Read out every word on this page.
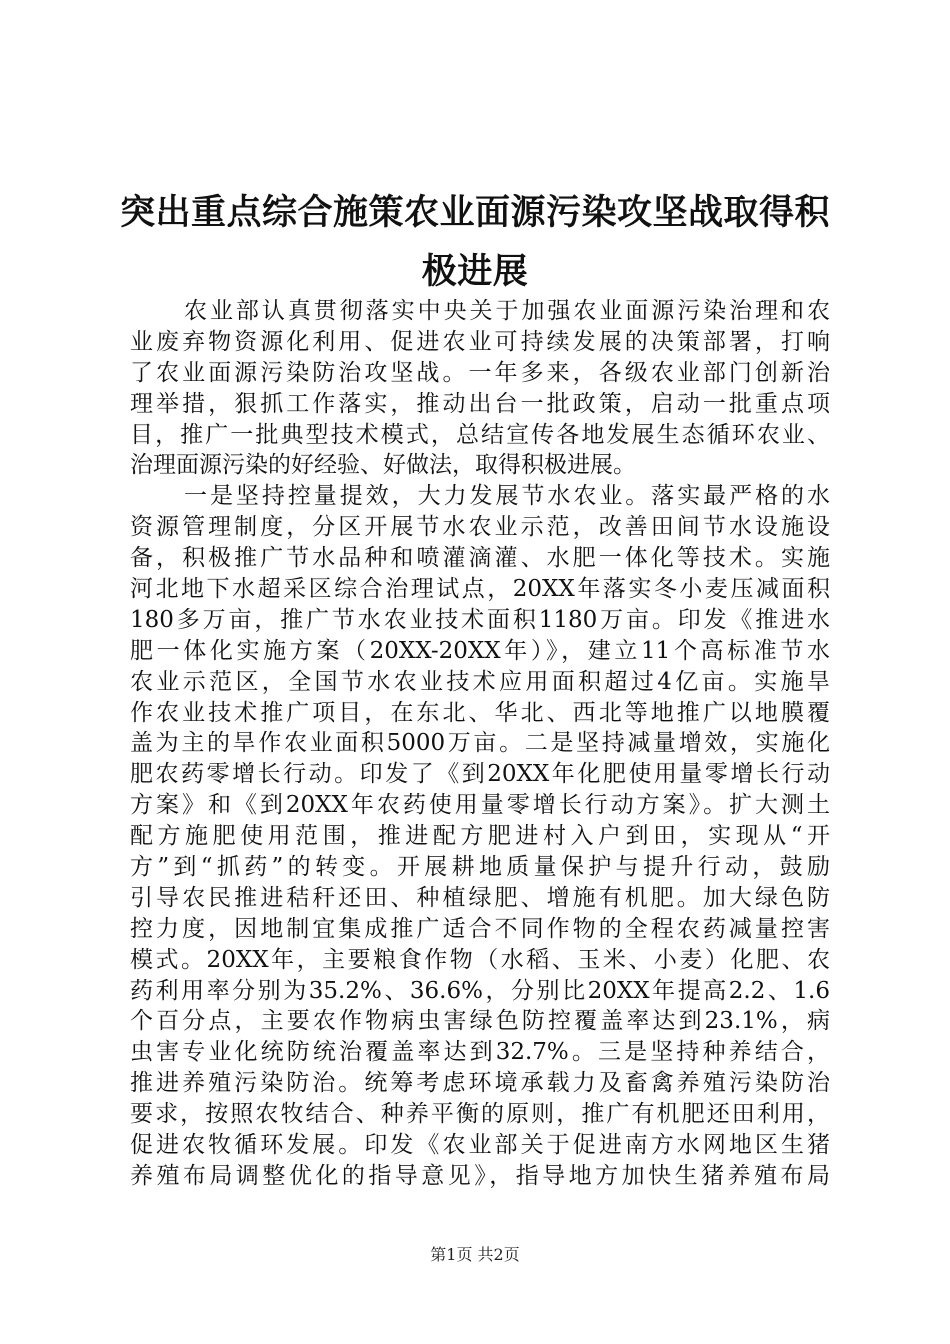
突出重点综合施策农业面源污染攻坚战取得积
极进展
农业部认真贯彻落实中央关于加强农业面源污染治理和农
业废弃物资源化利用、促进农业可持续发展的决策部署，打响
了农业面源污染防治攻坚战。一年多来，各级农业部门创新治
理举措，狠抓工作落实，推动出台一批政策，启动一批重点项
目，推广一批典型技术模式，总结宣传各地发展生态循环农业、
治理面源污染的好经验、好做法，取得积极进展。
一是坚持控量提效，大力发展节水农业。落实最严格的水
资源管理制度，分区开展节水农业示范，改善田间节水设施设
备，积极推广节水品种和喷灌滴灌、水肥一体化等技术。实施
河北地下水超采区综合治理试点，20XX年落实冬小麦压减面积
180多万亩，推广节水农业技术面积1180万亩。印发《推进水
肥一体化实施方案（20XX-20XX年）》，建立11个高标准节水
农业示范区，全国节水农业技术应用面积超过4亿亩。实施旱
作农业技术推广项目，在东北、华北、西北等地推广以地膜覆
盖为主的旱作农业面积5000万亩。二是坚持减量增效，实施化
肥农药零增长行动。印发了《到20XX年化肥使用量零增长行动
方案》和《到20XX年农药使用量零增长行动方案》。扩大测土
配方施肥使用范围，推进配方肥进村入户到田，实现从“开
方”到“抓药”的转变。开展耕地质量保护与提升行动，鼓励
引导农民推进秸秆还田、种植绿肥、增施有机肥。加大绿色防
控力度，因地制宜集成推广适合不同作物的全程农药减量控害
模式。20XX年，主要粮食作物（水稻、玉米、小麦）化肥、农
药利用率分别为35.2%、36.6%，分别比20XX年提高2.2、1.6
个百分点，主要农作物病虫害绿色防控覆盖率达到23.1%，病
虫害专业化统防统治覆盖率达到32.7%。三是坚持种养结合，
推进养殖污染防治。统筹考虑环境承载力及畜禽养殖污染防治
要求，按照农牧结合、种养平衡的原则，推广有机肥还田利用，
促进农牧循环发展。印发《农业部关于促进南方水网地区生猪
养殖布局调整优化的指导意见》，指导地方加快生猪养殖布局
第1页 共2页
